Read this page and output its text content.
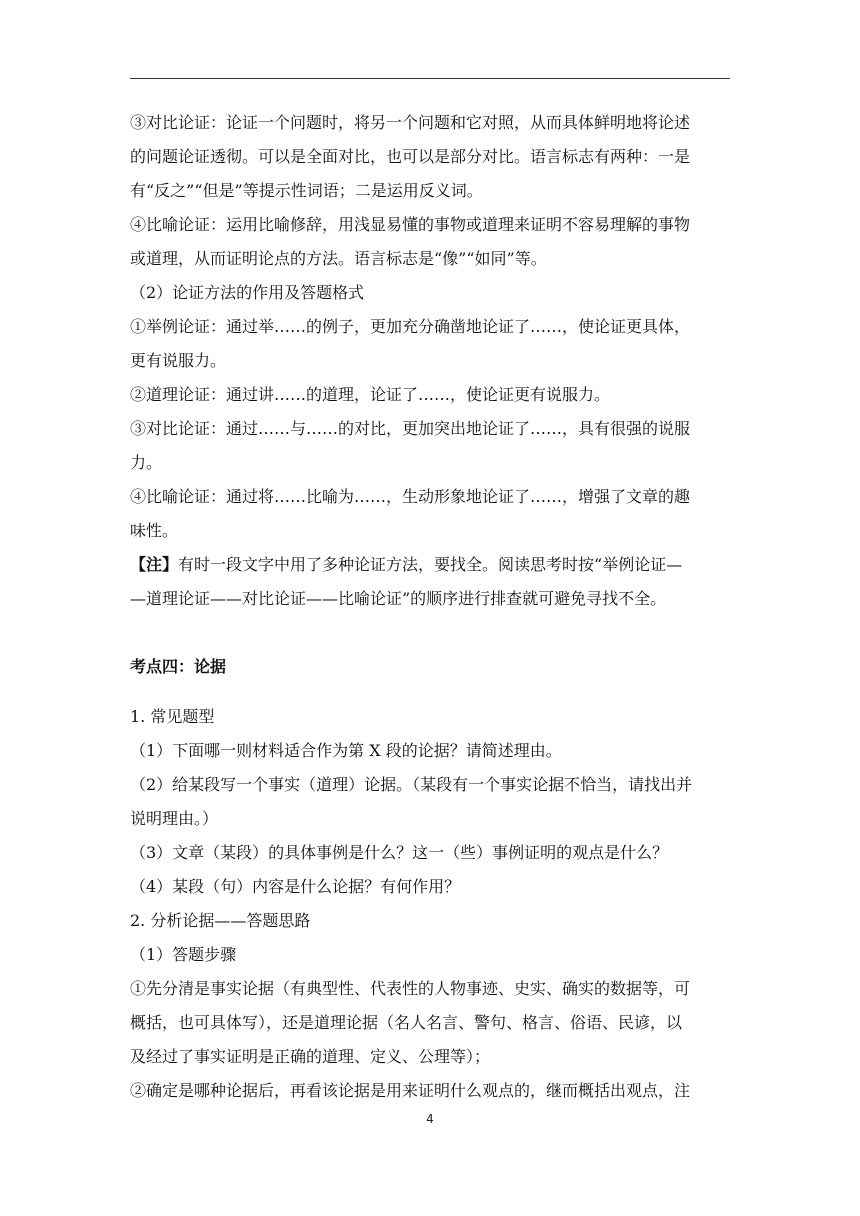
③对比论证：论证一个问题时，将另一个问题和它对照，从而具体鲜明地将论述

的问题论证透彻。可以是全面对比，也可以是部分对比。语言标志有两种：一是

有“反之”“但是”等提示性词语；二是运用反义词。

④比喻论证：运用比喻修辞，用浅显易懂的事物或道理来证明不容易理解的事物

或道理，从而证明论点的方法。语言标志是“像”“如同”等。

（2）论证方法的作用及答题格式

①举例论证：通过举……的例子，更加充分确凿地论证了……，使论证更具体，

更有说服力。

②道理论证：通过讲……的道理，论证了……，使论证更有说服力。

③对比论证：通过……与……的对比，更加突出地论证了……，具有很强的说服

力。

④比喻论证：通过将……比喻为……，生动形象地论证了……，增强了文章的趣

味性。

【注】有时一段文字中用了多种论证方法，要找全。阅读思考时按“举例论证—

—道理论证——对比论证——比喻论证”的顺序进行排查就可避免寻找不全。

考点四：论据

1. 常见题型

（1）下面哪一则材料适合作为第 X 段的论据？请简述理由。

（2）给某段写一个事实（道理）论据。（某段有一个事实论据不恰当，请找出并

说明理由。）

（3）文章（某段）的具体事例是什么？这一（些）事例证明的观点是什么？

（4）某段（句）内容是什么论据？有何作用？

2. 分析论据——答题思路

（1）答题步骤

①先分清是事实论据（有典型性、代表性的人物事迹、史实、确实的数据等，可

概括，也可具体写），还是道理论据（名人名言、警句、格言、俗语、民谚，以

及经过了事实证明是正确的道理、定义、公理等）；

②确定是哪种论据后，再看该论据是用来证明什么观点的，继而概括出观点，注

4
